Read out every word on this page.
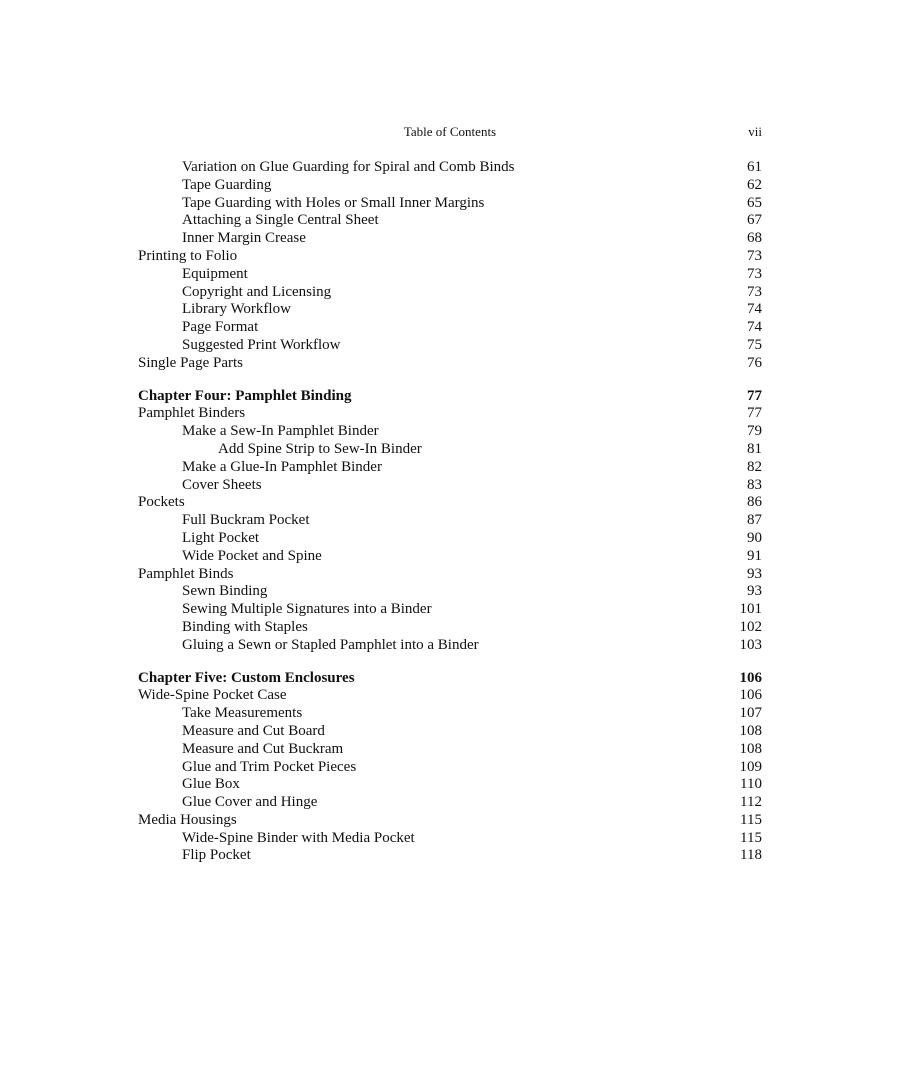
Table of Contents	vii
Variation on Glue Guarding for Spiral and Comb Binds	61
Tape Guarding	62
Tape Guarding with Holes or Small Inner Margins	65
Attaching a Single Central Sheet	67
Inner Margin Crease	68
Printing to Folio	73
Equipment	73
Copyright and Licensing	73
Library Workflow	74
Page Format	74
Suggested Print Workflow	75
Single Page Parts	76
Chapter Four: Pamphlet Binding	77
Pamphlet Binders	77
Make a Sew-In Pamphlet Binder	79
Add Spine Strip to Sew-In Binder	81
Make a Glue-In Pamphlet Binder	82
Cover Sheets	83
Pockets	86
Full Buckram Pocket	87
Light Pocket	90
Wide Pocket and Spine	91
Pamphlet Binds	93
Sewn Binding	93
Sewing Multiple Signatures into a Binder	101
Binding with Staples	102
Gluing a Sewn or Stapled Pamphlet into a Binder	103
Chapter Five: Custom Enclosures	106
Wide-Spine Pocket Case	106
Take Measurements	107
Measure and Cut Board	108
Measure and Cut Buckram	108
Glue and Trim Pocket Pieces	109
Glue Box	110
Glue Cover and Hinge	112
Media Housings	115
Wide-Spine Binder with Media Pocket	115
Flip Pocket	118
